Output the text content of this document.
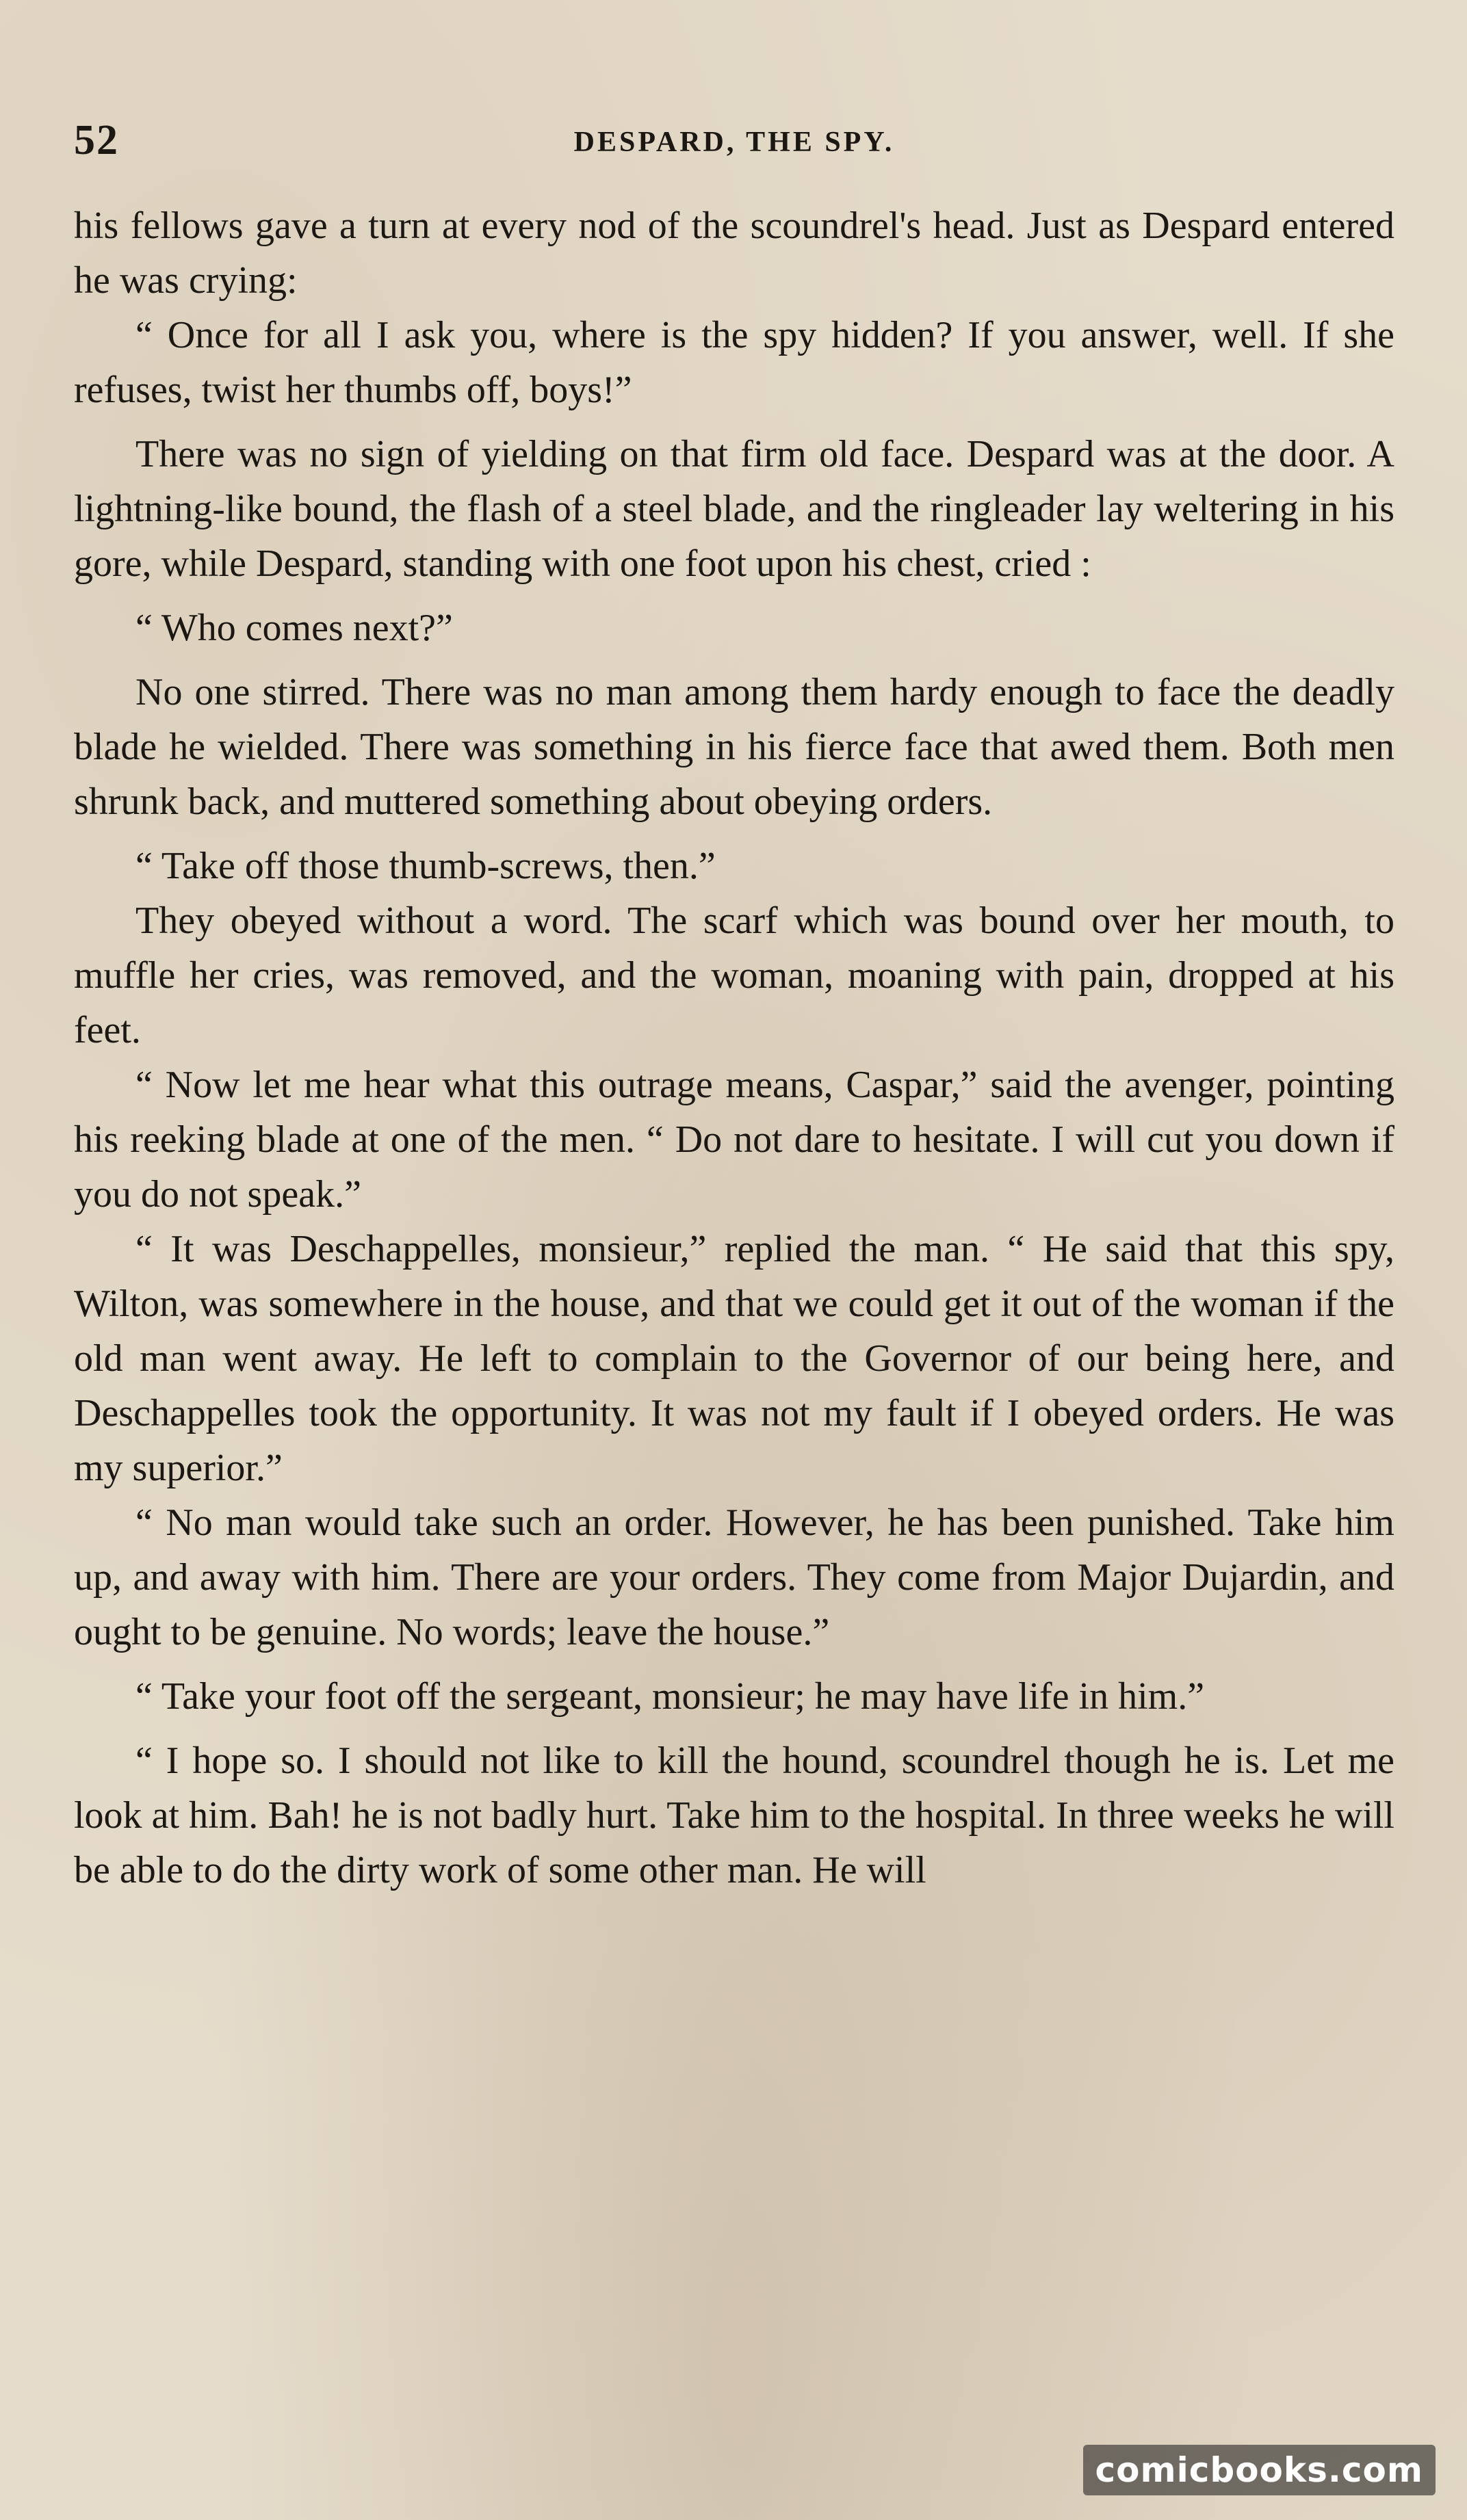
52	DESPARD, THE SPY.

his fellows gave a turn at every nod of the scoundrel's head. Just as Despard entered he was crying:

“ Once for all I ask you, where is the spy hidden? If you answer, well. If she refuses, twist her thumbs off, boys!”

There was no sign of yielding on that firm old face. Despard was at the door. A lightning-like bound, the flash of a steel blade, and the ringleader lay weltering in his gore, while Despard, standing with one foot upon his chest, cried :

“ Who comes next?”

No one stirred. There was no man among them hardy enough to face the deadly blade he wielded. There was something in his fierce face that awed them. Both men shrunk back, and muttered something about obeying orders.

“ Take off those thumb-screws, then.”

They obeyed without a word. The scarf which was bound over her mouth, to muffle her cries, was removed, and the woman, moaning with pain, dropped at his feet.

“ Now let me hear what this outrage means, Caspar,” said the avenger, pointing his reeking blade at one of the men. “ Do not dare to hesitate. I will cut you down if you do not speak.”

“ It was Deschappelles, monsieur,” replied the man. “ He said that this spy, Wilton, was somewhere in the house, and that we could get it out of the woman if the old man went away. He left to complain to the Governor of our being here, and Deschappelles took the opportunity. It was not my fault if I obeyed orders. He was my superior.”

“ No man would take such an order. However, he has been punished. Take him up, and away with him. There are your orders. They come from Major Dujardin, and ought to be genuine. No words; leave the house.”

“ Take your foot off the sergeant, monsieur; he may have life in him.”

“ I hope so. I should not like to kill the hound, scoundrel though he is. Let me look at him. Bah! he is not badly hurt. Take him to the hospital. In three weeks he will be able to do the dirty work of some other man. He will

comicbooks.com
